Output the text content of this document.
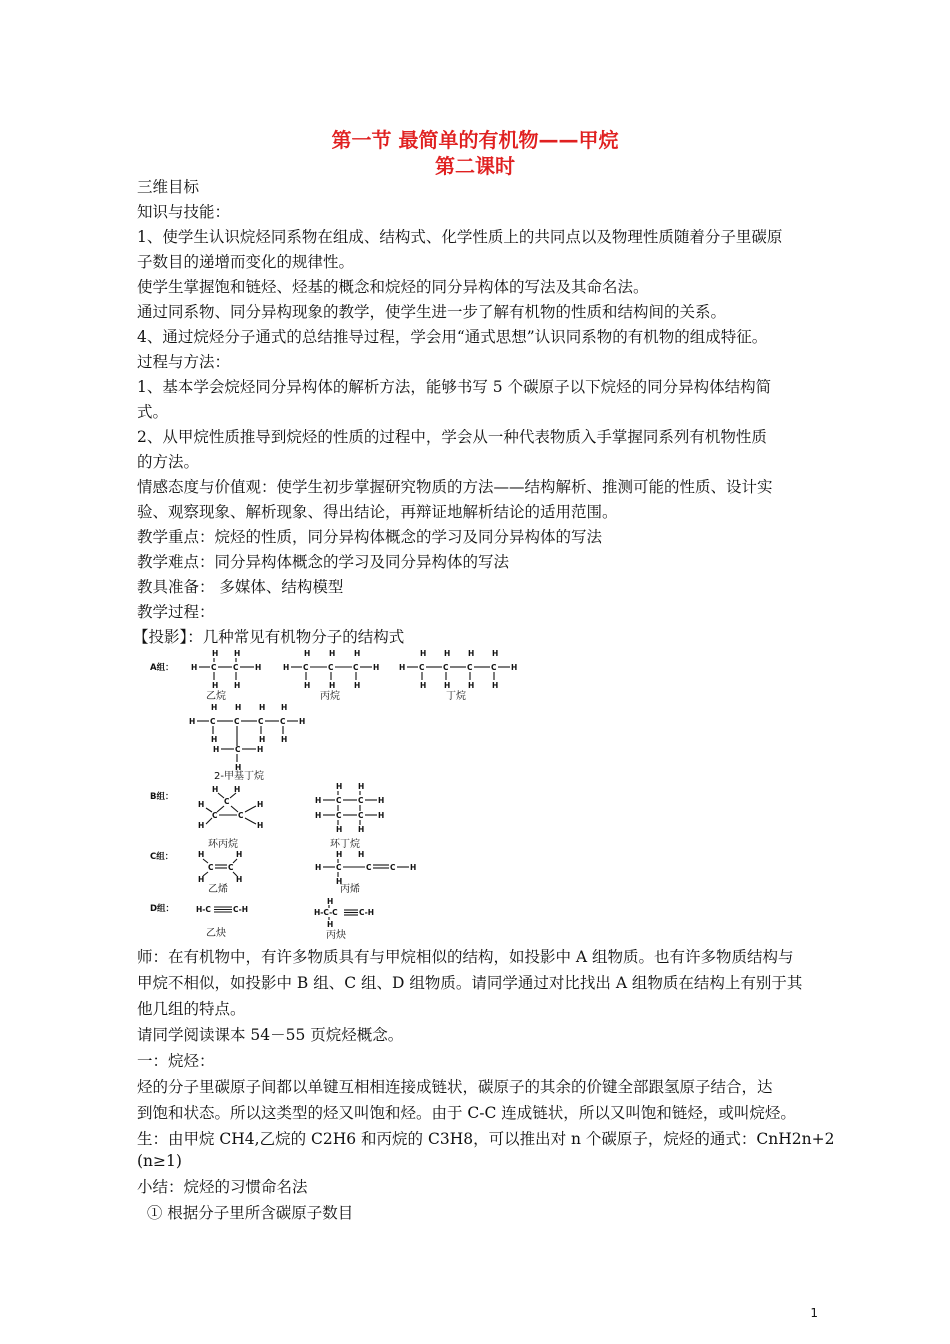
第一节 最简单的有机物——甲烷
第二课时
三维目标
知识与技能：
1、使学生认识烷烃同系物在组成、结构式、化学性质上的共同点以及物理性质随着分子里碳原
子数目的递增而变化的规律性。
使学生掌握饱和链烃、烃基的概念和烷烃的同分异构体的写法及其命名法。
通过同系物、同分异构现象的教学，使学生进一步了解有机物的性质和结构间的关系。
4、通过烷烃分子通式的总结推导过程，学会用“通式思想”认识同系物的有机物的组成特征。
过程与方法：
1、基本学会烷烃同分异构体的解析方法，能够书写 5 个碳原子以下烷烃的同分异构体结构简
式。
2、从甲烷性质推导到烷烃的性质的过程中，学会从一种代表物质入手掌握同系列有机物性质
的方法。
情感态度与价值观：使学生初步掌握研究物质的方法——结构解析、推测可能的性质、设计实
验、观察现象、解析现象、得出结论，再辩证地解析结论的适用范围。
教学重点：烷烃的性质，同分异构体概念的学习及同分异构体的写法
教学难点：同分异构体概念的学习及同分异构体的写法
教具准备： 多媒体、结构模型
教学过程：
【投影】：几种常见有机物分子的结构式
A组：
B组：
C组：
D组：
H C C H
H H
H H
乙烷
H C	C	C H
H H H
H H H
丙烷
H C C C C H
H H H H
H H H H
丁烷
H C C C C H
H H H H
H	H H
H C H
H
2-甲基丁烷
H H
C
H	H
C	C
H	H
环丙烷
H H
H C C H
H C C H
H H
环丁烷
H	H
C C
H	H
乙烯
H H
H C	C C H
H
丙烯
H-C	C-H
乙炔
H
H-C-C	C-H
H
丙炔
师：在有机物中，有许多物质具有与甲烷相似的结构，如投影中 A 组物质。也有许多物质结构与
甲烷不相似，如投影中 B 组、C 组、D 组物质。请同学通过对比找出 A 组物质在结构上有别于其
他几组的特点。
请同学阅读课本 54－55 页烷烃概念。
一：烷烃：
烃的分子里碳原子间都以单键互相相连接成链状，碳原子的其余的价键全部跟氢原子结合，达
到饱和状态。所以这类型的烃又叫饱和烃。由于 C-C 连成链状，所以又叫饱和链烃，或叫烷烃。
生：由甲烷 CH4,乙烷的 C2H6 和丙烷的 C3H8，可以推出对 n 个碳原子，烷烃的通式：CnH2n+2
(n≥1)
小结：烷烃的习惯命名法
① 根据分子里所含碳原子数目
1
